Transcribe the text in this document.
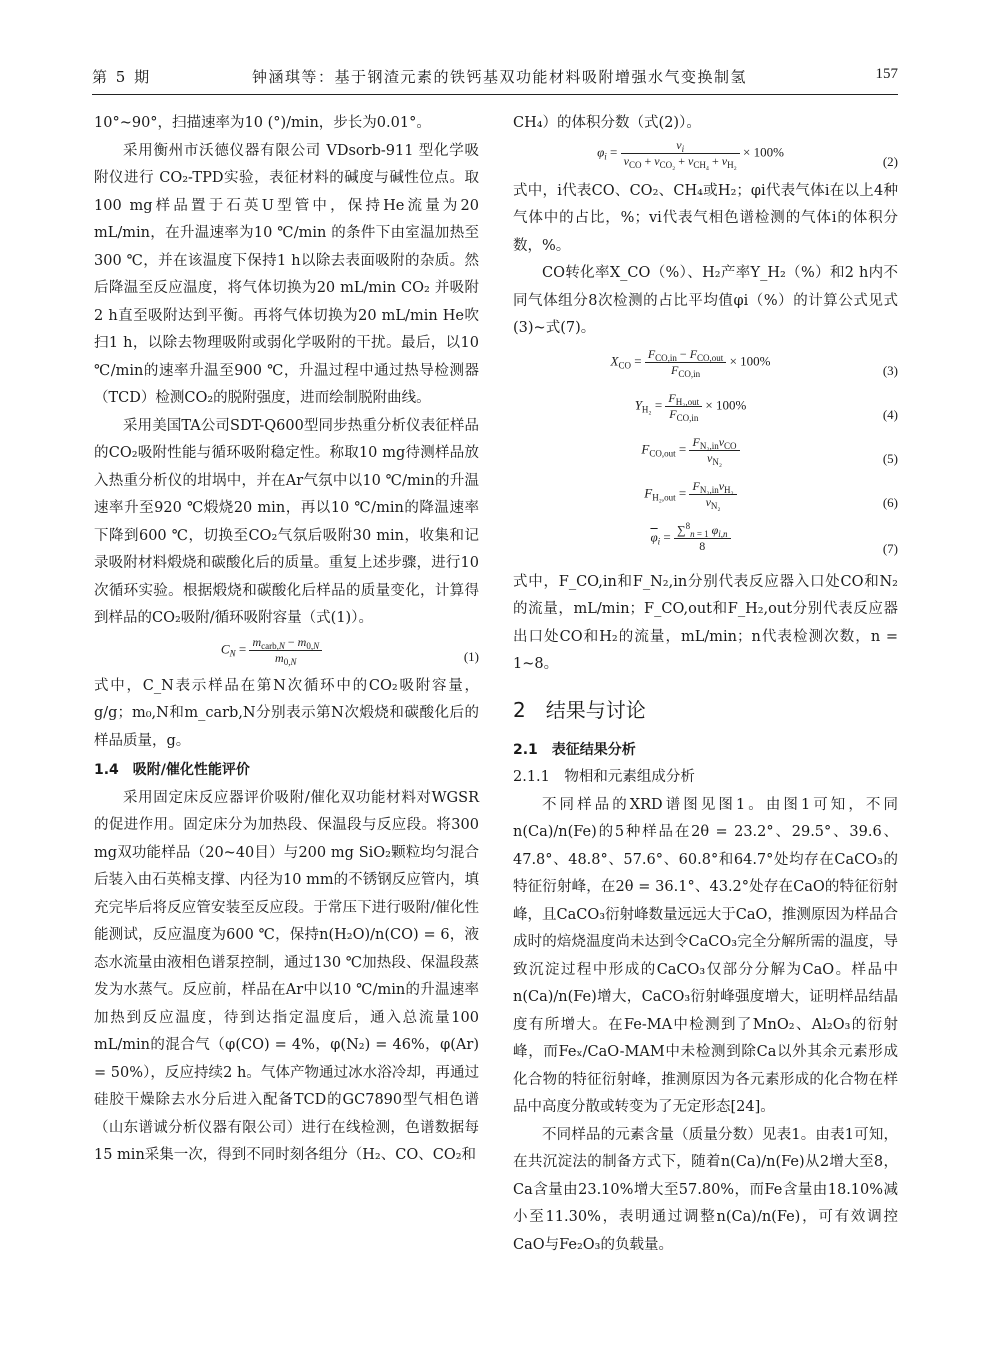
第 5 期	钟涵琪等：基于钢渣元素的铁钙基双功能材料吸附增强水气变换制氢	157

10°~90°，扫描速率为10 (°)/min，步长为0.01°。

采用衡州市沃德仪器有限公司 VDsorb-911 型化学吸附仪进行 CO₂-TPD实验，表征材料的碱度与碱性位点。取100 mg样品置于石英U型管中，保持He流量为20 mL/min，在升温速率为10 ℃/min 的条件下由室温加热至300 ℃，并在该温度下保持1 h以除去表面吸附的杂质。然后降温至反应温度，将气体切换为20 mL/min CO₂ 并吸附2 h直至吸附达到平衡。再将气体切换为20 mL/min He吹扫1 h，以除去物理吸附或弱化学吸附的干扰。最后，以10 ℃/min的速率升温至900 ℃，升温过程中通过热导检测器（TCD）检测CO₂的脱附强度，进而绘制脱附曲线。

采用美国TA公司SDT-Q600型同步热重分析仪表征样品的CO₂吸附性能与循环吸附稳定性。称取10 mg待测样品放入热重分析仪的坩埚中，并在Ar气氛中以10 ℃/min的升温速率升至920 ℃煅烧20 min，再以10 ℃/min的降温速率下降到600 ℃，切换至CO₂气氛后吸附30 min，收集和记录吸附材料煅烧和碳酸化后的质量。重复上述步骤，进行10次循环实验。根据煅烧和碳酸化后样品的质量变化，计算得到样品的CO₂吸附/循环吸附容量（式(1)）。

$C_N = \frac{m_{carb,N} - m_{0,N}}{m_{0,N}}$	(1)

式中，C_N表示样品在第N次循环中的CO₂吸附容量，g/g；m₀,N和m_carb,N分别表示第N次煅烧和碳酸化后的样品质量，g。

1.4　吸附/催化性能评价

采用固定床反应器评价吸附/催化双功能材料对WGSR的促进作用。固定床分为加热段、保温段与反应段。将300 mg双功能样品（20~40目）与200 mg SiO₂颗粒均匀混合后装入由石英棉支撑、内径为10 mm的不锈钢反应管内，填充完毕后将反应管安装至反应段。于常压下进行吸附/催化性能测试，反应温度为600 ℃，保持n(H₂O)/n(CO) = 6，液态水流量由液相色谱泵控制，通过130 ℃加热段、保温段蒸发为水蒸气。反应前，样品在Ar中以10 ℃/min的升温速率加热到反应温度，待到达指定温度后，通入总流量100 mL/min的混合气（φ(CO) = 4%，φ(N₂) = 46%，φ(Ar) = 50%），反应持续2 h。气体产物通过冰水浴冷却，再通过硅胶干燥除去水分后进入配备TCD的GC7890型气相色谱（山东谱诚分析仪器有限公司）进行在线检测，色谱数据每15 min采集一次，得到不同时刻各组分（H₂、CO、CO₂和

CH₄）的体积分数（式(2)）。

$\varphi_i = \frac{v_i}{v_{CO} + v_{CO_2} + v_{CH_4} + v_{H_2}} \times 100\%$
(2)

式中，i代表CO、CO₂、CH₄或H₂；φi代表气体i在以上4种气体中的占比，%；vi代表气相色谱检测的气体i的体积分数，%。

CO转化率X_CO（%）、H₂产率Y_H₂（%）和2 h内不同气体组分8次检测的占比平均值φi（%）的计算公式见式(3)~式(7)。

$X_{CO} = \frac{F_{CO,in} - F_{CO,out}}{F_{CO,in}} \times 100\%$
(3)
$Y_{H_2} = \frac{F_{H_2,out}}{F_{CO,in}} \times 100\%$
(4)
$F_{CO,out} = \frac{F_{N_2,in}v_{CO}}{v_{N_2}}$	(5)
$F_{H_2,out} = \frac{F_{N_2,in}v_{H_2}}{v_{N_2}}$	(6)
$\overline{\varphi}_i = \frac{\sum^8_{n = 1} \varphi_{i,n}}{8}$	(7)

式中，F_CO,in和F_N₂,in分别代表反应器入口处CO和N₂的流量，mL/min；F_CO,out和F_H₂,out分别代表反应器出口处CO和H₂的流量，mL/min；n代表检测次数，n = 1~8。

2　结果与讨论

2.1　表征结果分析

2.1.1　物相和元素组成分析

不同样品的XRD谱图见图1。由图1可知，不同n(Ca)/n(Fe)的5种样品在2θ = 23.2°、29.5°、39.6、47.8°、48.8°、57.6°、60.8°和64.7°处均存在CaCO₃的特征衍射峰，在2θ = 36.1°、43.2°处存在CaO的特征衍射峰，且CaCO₃衍射峰数量远远大于CaO，推测原因为样品合成时的焙烧温度尚未达到令CaCO₃完全分解所需的温度，导致沉淀过程中形成的CaCO₃仅部分分解为CaO。样品中n(Ca)/n(Fe)增大，CaCO₃衍射峰强度增大，证明样品结晶度有所增大。在Fe-MA中检测到了MnO₂、Al₂O₃的衍射峰，而Feₓ/CaO-MAM中未检测到除Ca以外其余元素形成化合物的特征衍射峰，推测原因为各元素形成的化合物在样品中高度分散或转变为了无定形态[24]。

不同样品的元素含量（质量分数）见表1。由表1可知，在共沉淀法的制备方式下，随着n(Ca)/n(Fe)从2增大至8，Ca含量由23.10%增大至57.80%，而Fe含量由18.10%减小至11.30%，表明通过调整n(Ca)/n(Fe)，可有效调控CaO与Fe₂O₃的负载量。
